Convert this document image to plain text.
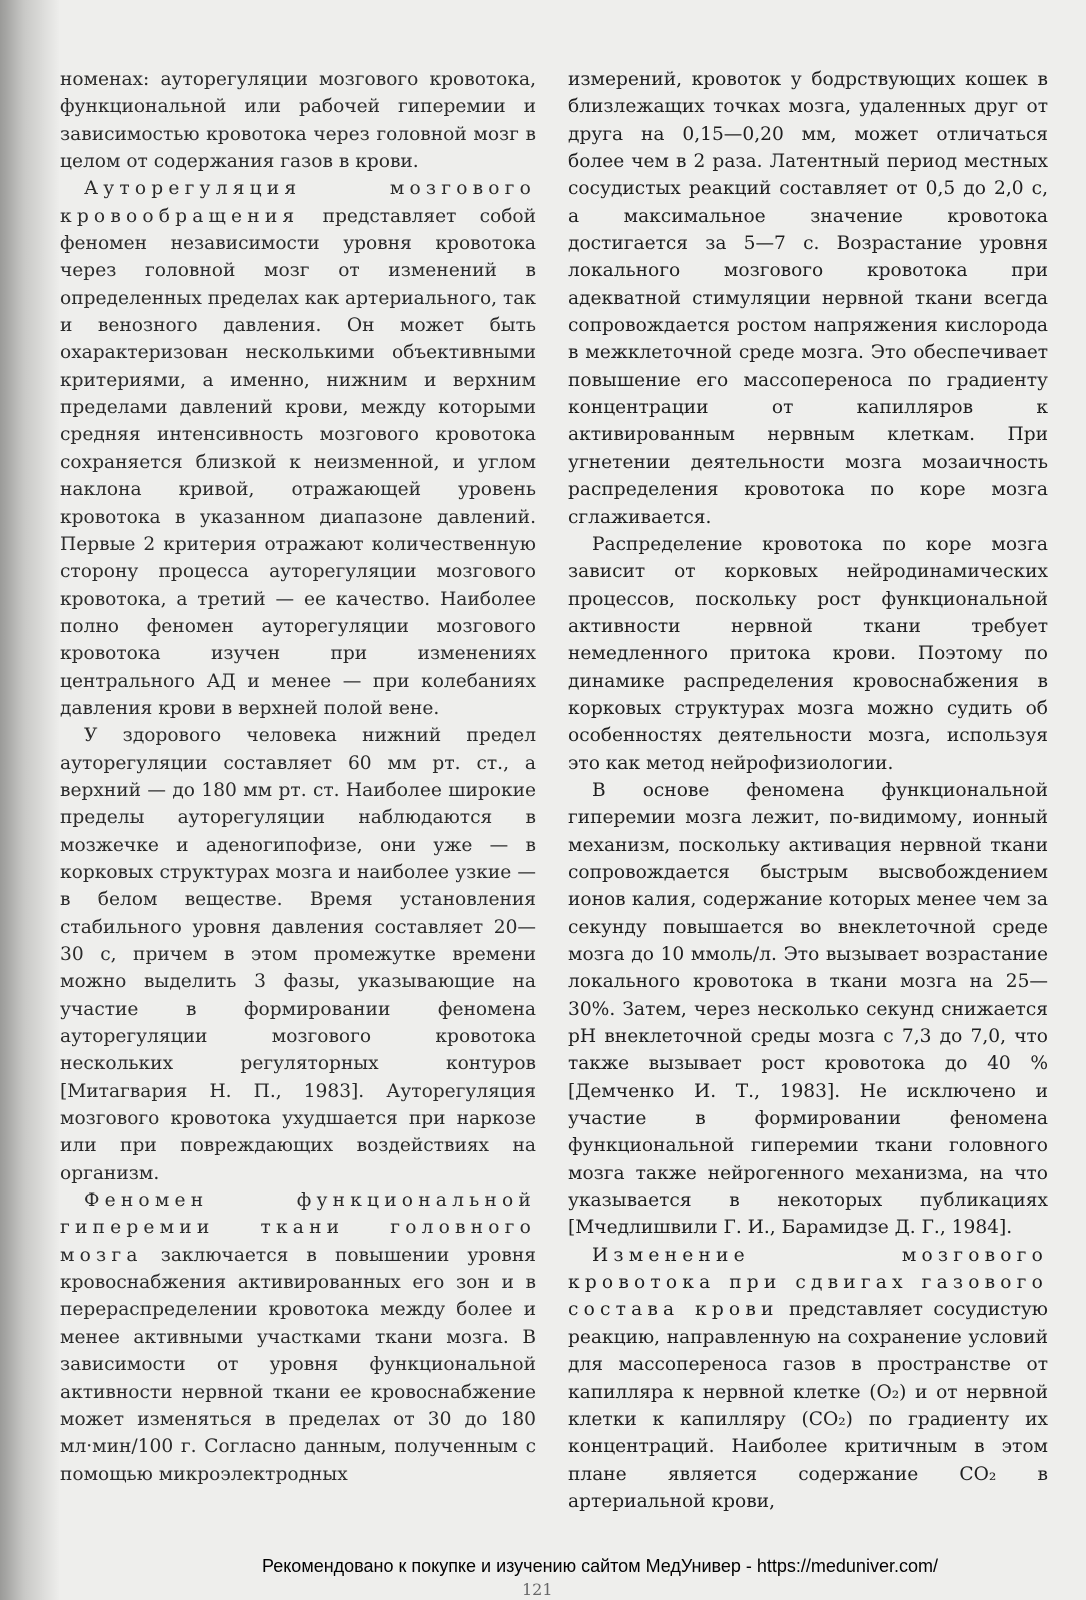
номенах: ауторегуляции мозгового кровотока, функциональной или рабочей гиперемии и зависимостью кровотока через головной мозг в целом от содержания газов в крови.

Ауторегуляция мозгового кровообращения представляет собой феномен независимости уровня кровотока через головной мозг от изменений в определенных пределах как артериального, так и венозного давления. Он может быть охарактеризован несколькими объективными критериями, а именно, нижним и верхним пределами давлений крови, между которыми средняя интенсивность мозгового кровотока сохраняется близкой к неизменной, и углом наклона кривой, отражающей уровень кровотока в указанном диапазоне давлений. Первые 2 критерия отражают количественную сторону процесса ауторегуляции мозгового кровотока, а третий — ее качество. Наиболее полно феномен ауторегуляции мозгового кровотока изучен при изменениях центрального АД и менее — при колебаниях давления крови в верхней полой вене.

У здорового человека нижний предел ауторегуляции составляет 60 мм рт. ст., а верхний — до 180 мм рт. ст. Наиболее широкие пределы ауторегуляции наблюдаются в мозжечке и аденогипофизе, они уже — в корковых структурах мозга и наиболее узкие — в белом веществе. Время установления стабильного уровня давления составляет 20—30 с, причем в этом промежутке времени можно выделить 3 фазы, указывающие на участие в формировании феномена ауторегуляции мозгового кровотока нескольких регуляторных контуров [Митагвария Н. П., 1983]. Ауторегуляция мозгового кровотока ухудшается при наркозе или при повреждающих воздействиях на организм.

Феномен функциональной гиперемии ткани головного мозга заключается в повышении уровня кровоснабжения активированных его зон и в перераспределении кровотока между более и менее активными участками ткани мозга. В зависимости от уровня функциональной активности нервной ткани ее кровоснабжение может изменяться в пределах от 30 до 180 мл·мин/100 г. Согласно данным, полученным с помощью микроэлектродных

измерений, кровоток у бодрствующих кошек в близлежащих точках мозга, удаленных друг от друга на 0,15—0,20 мм, может отличаться более чем в 2 раза. Латентный период местных сосудистых реакций составляет от 0,5 до 2,0 с, а максимальное значение кровотока достигается за 5—7 с. Возрастание уровня локального мозгового кровотока при адекватной стимуляции нервной ткани всегда сопровождается ростом напряжения кислорода в межклеточной среде мозга. Это обеспечивает повышение его массопереноса по градиенту концентрации от капилляров к активированным нервным клеткам. При угнетении деятельности мозга мозаичность распределения кровотока по коре мозга сглаживается.

Распределение кровотока по коре мозга зависит от корковых нейродинамических процессов, поскольку рост функциональной активности нервной ткани требует немедленного притока крови. Поэтому по динамике распределения кровоснабжения в корковых структурах мозга можно судить об особенностях деятельности мозга, используя это как метод нейрофизиологии.

В основе феномена функциональной гиперемии мозга лежит, по-видимому, ионный механизм, поскольку активация нервной ткани сопровождается быстрым высвобождением ионов калия, содержание которых менее чем за секунду повышается во внеклеточной среде мозга до 10 ммоль/л. Это вызывает возрастание локального кровотока в ткани мозга на 25—30%. Затем, через несколько секунд снижается pH внеклеточной среды мозга с 7,3 до 7,0, что также вызывает рост кровотока до 40 % [Демченко И. Т., 1983]. Не исключено и участие в формировании феномена функциональной гиперемии ткани головного мозга также нейрогенного механизма, на что указывается в некоторых публикациях [Мчедлишвили Г. И., Барамидзе Д. Г., 1984].

Изменение мозгового кровотока при сдвигах газового состава крови представляет сосудистую реакцию, направленную на сохранение условий для массопереноса газов в пространстве от капилляра к нервной клетке (O₂) и от нервной клетки к капилляру (CO₂) по градиенту их концентраций. Наиболее критичным в этом плане является содержание CO₂ в артериальной крови,

Рекомендовано к покупке и изучению сайтом МедУнивер - https://meduniver.com/
121
